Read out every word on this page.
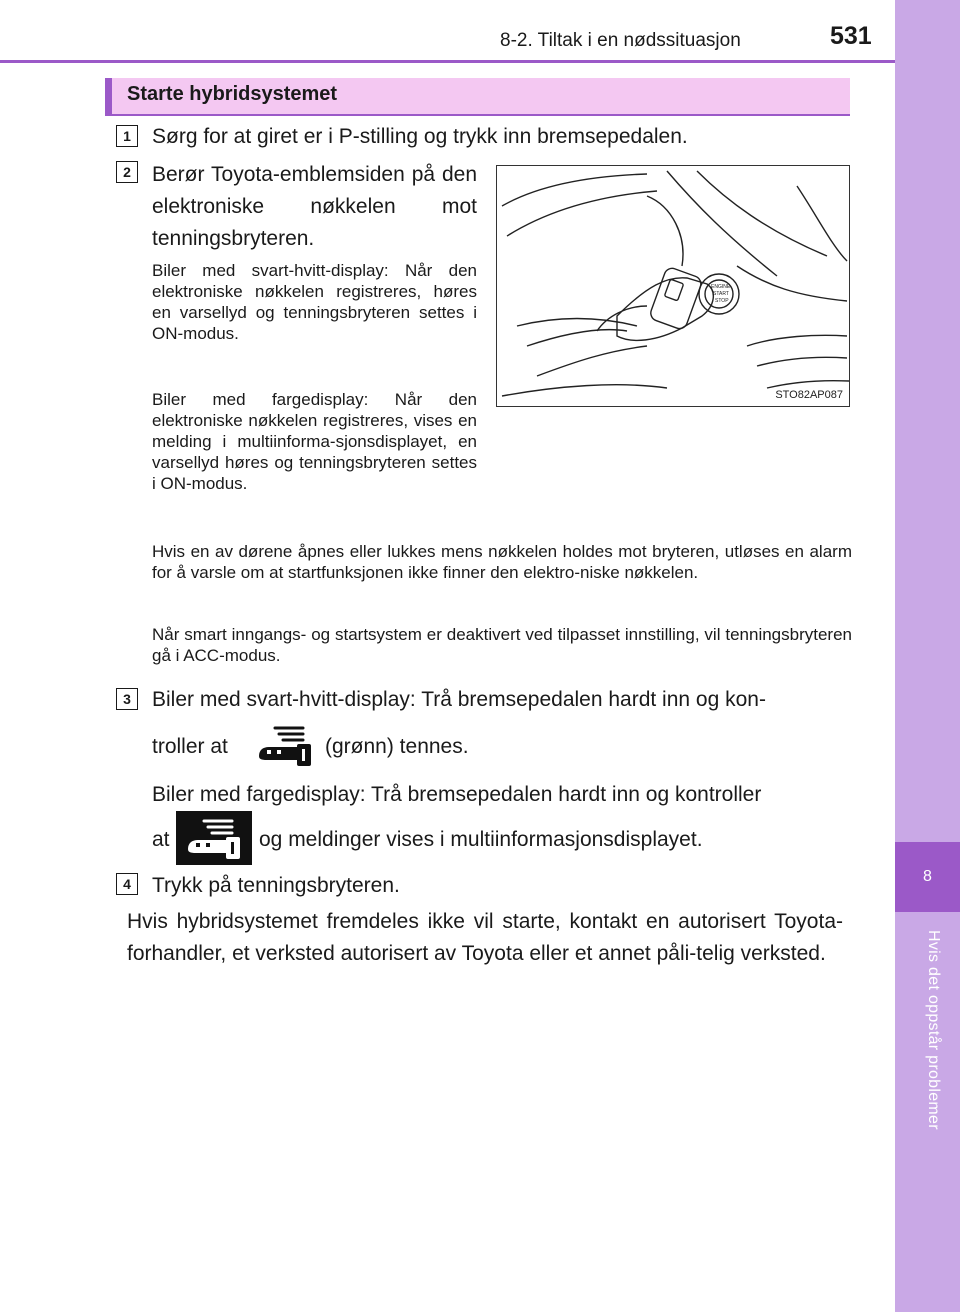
8-2. Tiltak i en nødssituasjon	531
8
Hvis det oppstår problemer
Starte hybridsystemet
1	Sørg for at giret er i P-stilling og trykk inn bremsepedalen.
2	Berør Toyota-emblemsiden på den elektroniske nøkkelen mot tenningsbryteren.
Biler med svart-hvitt-display: Når den elektroniske nøkkelen registreres, høres en varsellyd og tenningsbryteren settes i ON-modus.
Biler med fargedisplay: Når den elektroniske nøkkelen registreres, vises en melding i multiinforma-sjonsdisplayet, en varsellyd høres og tenningsbryteren settes i ON-modus.
Hvis en av dørene åpnes eller lukkes mens nøkkelen holdes mot bryteren, utløses en alarm for å varsle om at startfunksjonen ikke finner den elektro-niske nøkkelen.
Når smart inngangs- og startsystem er deaktivert ved tilpasset innstilling, vil tenningsbryteren gå i ACC-modus.
ENGINE
START
STOP
STO82AP087
3	Biler med svart-hvitt-display: Trå bremsepedalen hardt inn og kon-
troller at	(grønn) tennes.
Biler med fargedisplay: Trå bremsepedalen hardt inn og kontroller
at	og meldinger vises i multiinformasjonsdisplayet.
4	Trykk på tenningsbryteren.
Hvis hybridsystemet fremdeles ikke vil starte, kontakt en autorisert Toyota-forhandler, et verksted autorisert av Toyota eller et annet påli-telig verksted.
